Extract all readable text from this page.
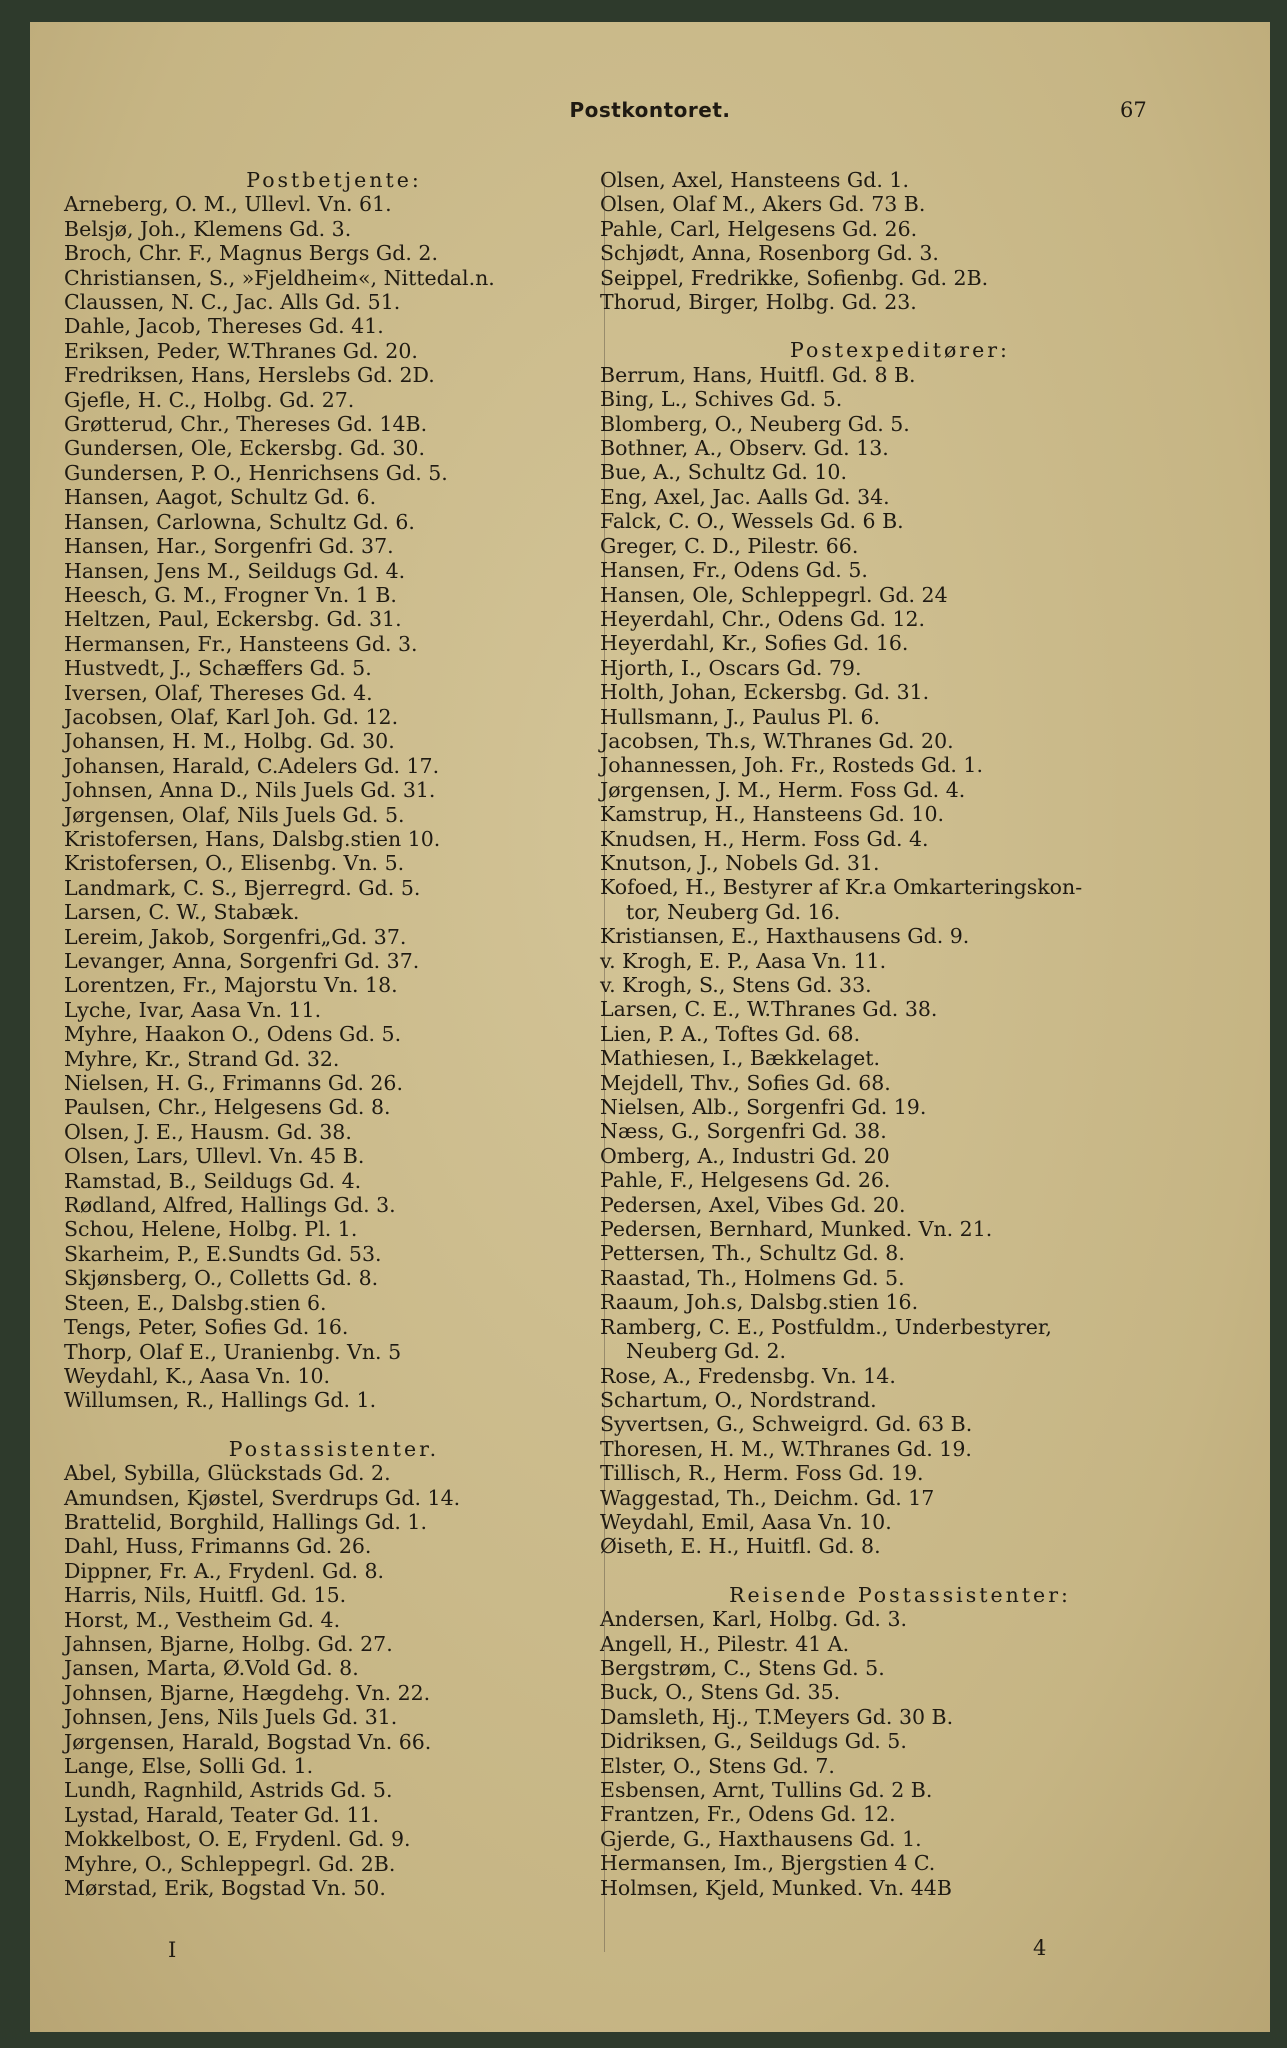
Postkontoret.	67
Postbetjente:
Arneberg, O. M., Ullevl. Vn. 61.
Belsjø, Joh., Klemens Gd. 3.
Broch, Chr. F., Magnus Bergs Gd. 2.
Christiansen, S., »Fjeldheim«, Nittedal.n.
Claussen, N. C., Jac. Alls Gd. 51.
Dahle, Jacob, Thereses Gd. 41.
Eriksen, Peder, W.Thranes Gd. 20.
Fredriksen, Hans, Herslebs Gd. 2D.
Gjefle, H. C., Holbg. Gd. 27.
Grøtterud, Chr., Thereses Gd. 14B.
Gundersen, Ole, Eckersbg. Gd. 30.
Gundersen, P. O., Henrichsens Gd. 5.
Hansen, Aagot, Schultz Gd. 6.
Hansen, Carlowna, Schultz Gd. 6.
Hansen, Har., Sorgenfri Gd. 37.
Hansen, Jens M., Seildugs Gd. 4.
Heesch, G. M., Frogner Vn. 1 B.
Heltzen, Paul, Eckersbg. Gd. 31.
Hermansen, Fr., Hansteens Gd. 3.
Hustvedt, J., Schæffers Gd. 5.
Iversen, Olaf, Thereses Gd. 4.
Jacobsen, Olaf, Karl Joh. Gd. 12.
Johansen, H. M., Holbg. Gd. 30.
Johansen, Harald, C.Adelers Gd. 17.
Johnsen, Anna D., Nils Juels Gd. 31.
Jørgensen, Olaf, Nils Juels Gd. 5.
Kristofersen, Hans, Dalsbg.stien 10.
Kristofersen, O., Elisenbg. Vn. 5.
Landmark, C. S., Bjerregrd. Gd. 5.
Larsen, C. W., Stabæk.
Lereim, Jakob, Sorgenfri„Gd. 37.
Levanger, Anna, Sorgenfri Gd. 37.
Lorentzen, Fr., Majorstu Vn. 18.
Lyche, Ivar, Aasa Vn. 11.
Myhre, Haakon O., Odens Gd. 5.
Myhre, Kr., Strand Gd. 32.
Nielsen, H. G., Frimanns Gd. 26.
Paulsen, Chr., Helgesens Gd. 8.
Olsen, J. E., Hausm. Gd. 38.
Olsen, Lars, Ullevl. Vn. 45 B.
Ramstad, B., Seildugs Gd. 4.
Rødland, Alfred, Hallings Gd. 3.
Schou, Helene, Holbg. Pl. 1.
Skarheim, P., E.Sundts Gd. 53.
Skjønsberg, O., Colletts Gd. 8.
Steen, E., Dalsbg.stien 6.
Tengs, Peter, Sofies Gd. 16.
Thorp, Olaf E., Uranienbg. Vn. 5
Weydahl, K., Aasa Vn. 10.
Willumsen, R., Hallings Gd. 1.
Postassistenter.
Abel, Sybilla, Glückstads Gd. 2.
Amundsen, Kjøstel, Sverdrups Gd. 14.
Brattelid, Borghild, Hallings Gd. 1.
Dahl, Huss, Frimanns Gd. 26.
Dippner, Fr. A., Frydenl. Gd. 8.
Harris, Nils, Huitfl. Gd. 15.
Horst, M., Vestheim Gd. 4.
Jahnsen, Bjarne, Holbg. Gd. 27.
Jansen, Marta, Ø.Vold Gd. 8.
Johnsen, Bjarne, Hægdehg. Vn. 22.
Johnsen, Jens, Nils Juels Gd. 31.
Jørgensen, Harald, Bogstad Vn. 66.
Lange, Else, Solli Gd. 1.
Lundh, Ragnhild, Astrids Gd. 5.
Lystad, Harald, Teater Gd. 11.
Mokkelbost, O. E, Frydenl. Gd. 9.
Myhre, O., Schleppegrl. Gd. 2B.
Mørstad, Erik, Bogstad Vn. 50.
Olsen, Axel, Hansteens Gd. 1.
Olsen, Olaf M., Akers Gd. 73 B.
Pahle, Carl, Helgesens Gd. 26.
Schjødt, Anna, Rosenborg Gd. 3.
Seippel, Fredrikke, Sofienbg. Gd. 2B.
Thorud, Birger, Holbg. Gd. 23.
Postexpeditører:
Berrum, Hans, Huitfl. Gd. 8 B.
Bing, L., Schives Gd. 5.
Blomberg, O., Neuberg Gd. 5.
Bothner, A., Observ. Gd. 13.
Bue, A., Schultz Gd. 10.
Eng, Axel, Jac. Aalls Gd. 34.
Falck, C. O., Wessels Gd. 6 B.
Greger, C. D., Pilestr. 66.
Hansen, Fr., Odens Gd. 5.
Hansen, Ole, Schleppegrl. Gd. 24
Heyerdahl, Chr., Odens Gd. 12.
Heyerdahl, Kr., Sofies Gd. 16.
Hjorth, I., Oscars Gd. 79.
Holth, Johan, Eckersbg. Gd. 31.
Hullsmann, J., Paulus Pl. 6.
Jacobsen, Th.s, W.Thranes Gd. 20.
Johannessen, Joh. Fr., Rosteds Gd. 1.
Jørgensen, J. M., Herm. Foss Gd. 4.
Kamstrup, H., Hansteens Gd. 10.
Knudsen, H., Herm. Foss Gd. 4.
Knutson, J., Nobels Gd. 31.
Kofoed, H., Bestyrer af Kr.a Omkarteringskon-
tor, Neuberg Gd. 16.
Kristiansen, E., Haxthausens Gd. 9.
v. Krogh, E. P., Aasa Vn. 11.
v. Krogh, S., Stens Gd. 33.
Larsen, C. E., W.Thranes Gd. 38.
Lien, P. A., Toftes Gd. 68.
Mathiesen, I., Bækkelaget.
Mejdell, Thv., Sofies Gd. 68.
Nielsen, Alb., Sorgenfri Gd. 19.
Næss, G., Sorgenfri Gd. 38.
Omberg, A., Industri Gd. 20
Pahle, F., Helgesens Gd. 26.
Pedersen, Axel, Vibes Gd. 20.
Pedersen, Bernhard, Munked. Vn. 21.
Pettersen, Th., Schultz Gd. 8.
Raastad, Th., Holmens Gd. 5.
Raaum, Joh.s, Dalsbg.stien 16.
Ramberg, C. E., Postfuldm., Underbestyrer,
Neuberg Gd. 2.
Rose, A., Fredensbg. Vn. 14.
Schartum, O., Nordstrand.
Syvertsen, G., Schweigrd. Gd. 63 B.
Thoresen, H. M., W.Thranes Gd. 19.
Tillisch, R., Herm. Foss Gd. 19.
Waggestad, Th., Deichm. Gd. 17
Weydahl, Emil, Aasa Vn. 10.
Øiseth, E. H., Huitfl. Gd. 8.
Reisende Postassistenter:
Andersen, Karl, Holbg. Gd. 3.
Angell, H., Pilestr. 41 A.
Bergstrøm, C., Stens Gd. 5.
Buck, O., Stens Gd. 35.
Damsleth, Hj., T.Meyers Gd. 30 B.
Didriksen, G., Seildugs Gd. 5.
Elster, O., Stens Gd. 7.
Esbensen, Arnt, Tullins Gd. 2 B.
Frantzen, Fr., Odens Gd. 12.
Gjerde, G., Haxthausens Gd. 1.
Hermansen, Im., Bjergstien 4 C.
Holmsen, Kjeld, Munked. Vn. 44B
I	4
